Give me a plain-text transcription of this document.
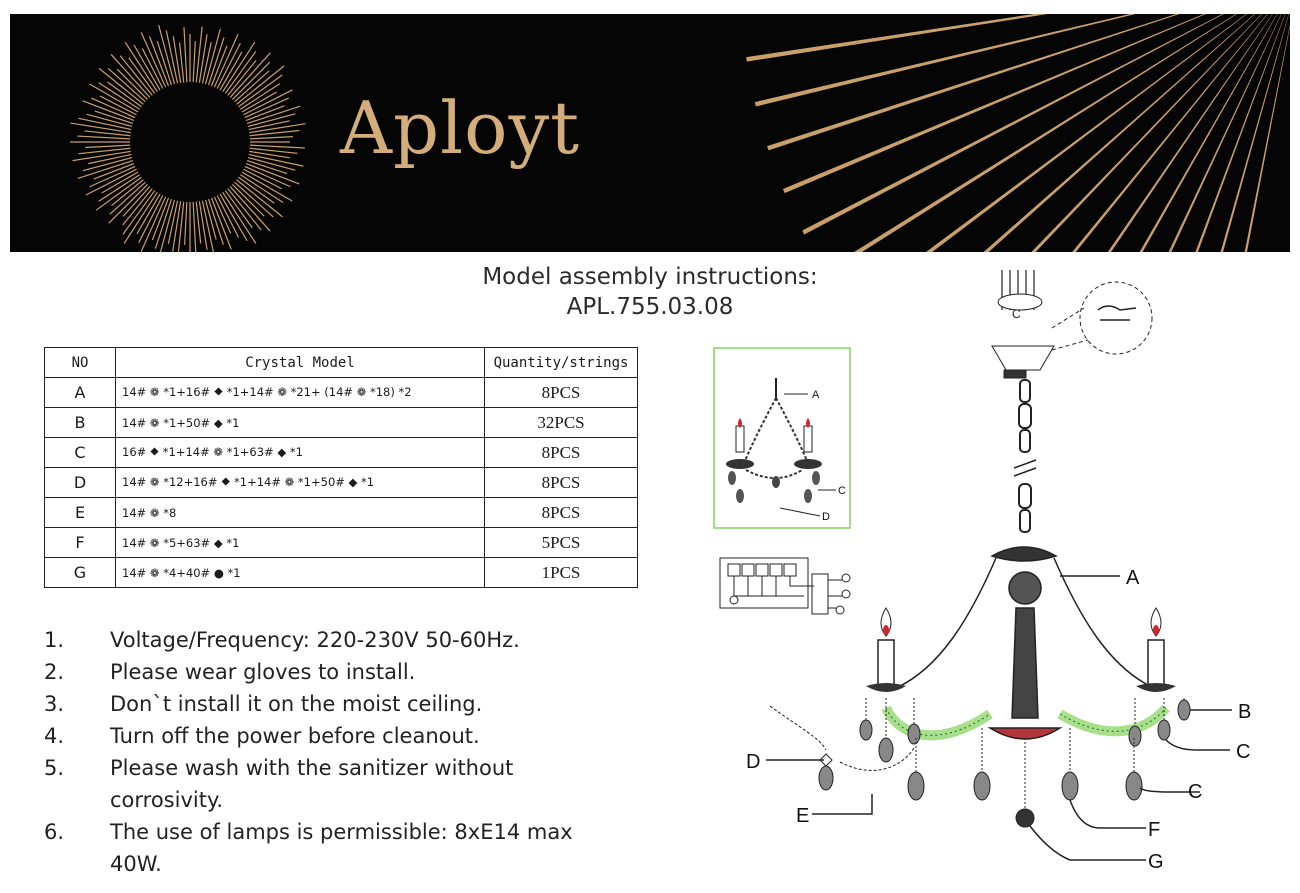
Aployt
Model assembly instructions:
APL.755.03.08
NO	Crystal Model	Quantity/strings
A	14# ❁ *1+16# ⯁ *1+14# ❁ *21+ (14# ❁ *18) *2	8PCS
B	14# ❁ *1+50# ◆ *1	32PCS
C	16# ⯁ *1+14# ❁ *1+63# ◆ *1	8PCS
D	14# ❁ *12+16# ⯁ *1+14# ❁ *1+50# ◆ *1	8PCS
E	14# ❁ *8	8PCS
F	14# ❁ *5+63# ◆ *1	5PCS
G	14# ❁ *4+40# ● *1	1PCS
1. Voltage/Frequency: 220-230V 50-60Hz.
2. Please wear gloves to install.
3. Don`t install it on the moist ceiling.
4. Turn off the power before cleanout.
5. Please wash with the sanitizer without corrosivity.
6. The use of lamps is permissible: 8xE14 max 40W.
A
C
D
C
A
B
C
C
D
E
F
G
